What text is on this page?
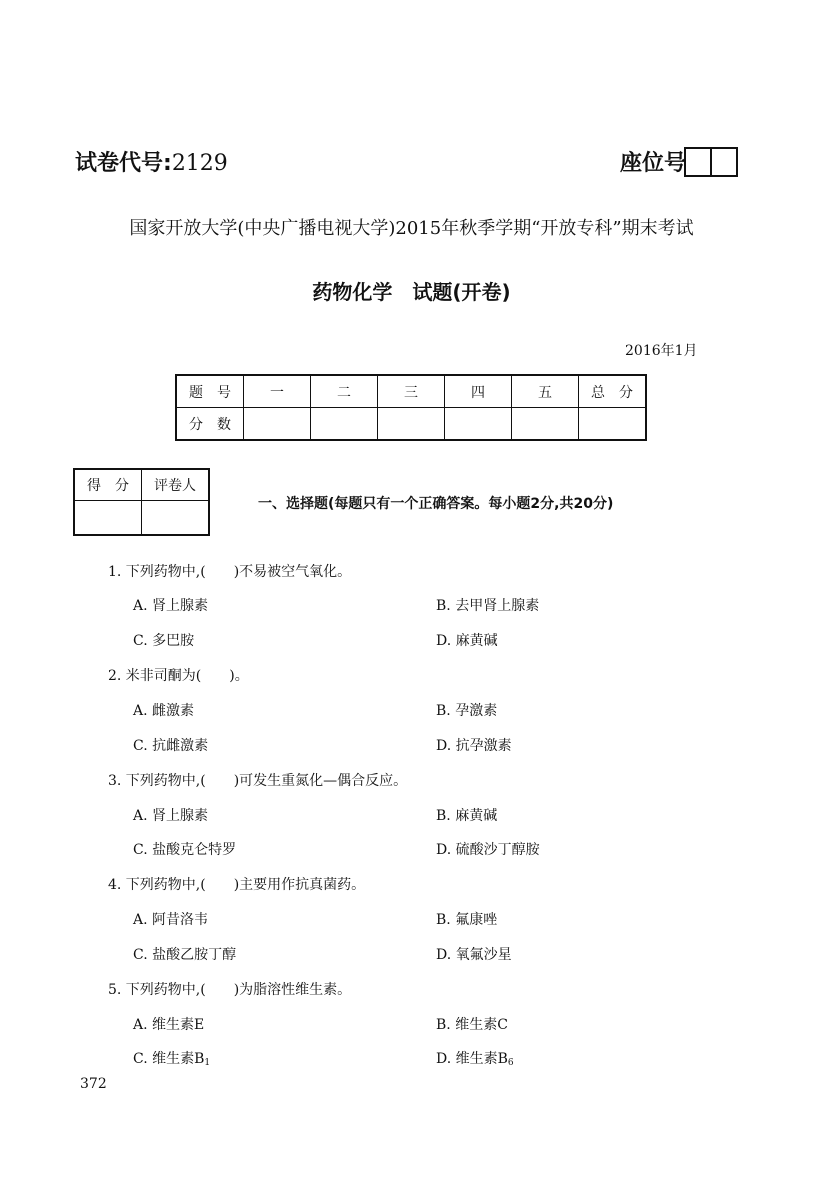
试卷代号:2129	座位号
国家开放大学(中央广播电视大学)2015年秋季学期“开放专科”期末考试
药物化学　试题(开卷)
2016年1月
题　号	一	二	三	四	五	总　分
分　数						
得　分	评卷人

一、选择题(每题只有一个正确答案。每小题2分,共20分)
1. 下列药物中,(　　)不易被空气氧化。
A. 肾上腺素	B. 去甲肾上腺素
C. 多巴胺	D. 麻黄碱
2. 米非司酮为(　　)。
A. 雌激素	B. 孕激素
C. 抗雌激素	D. 抗孕激素
3. 下列药物中,(　　)可发生重氮化—偶合反应。
A. 肾上腺素	B. 麻黄碱
C. 盐酸克仑特罗	D. 硫酸沙丁醇胺
4. 下列药物中,(　　)主要用作抗真菌药。
A. 阿昔洛韦	B. 氟康唑
C. 盐酸乙胺丁醇	D. 氧氟沙星
5. 下列药物中,(　　)为脂溶性维生素。
A. 维生素E	B. 维生素C
C. 维生素$B_1$	D. 维生素$B_6$
372
